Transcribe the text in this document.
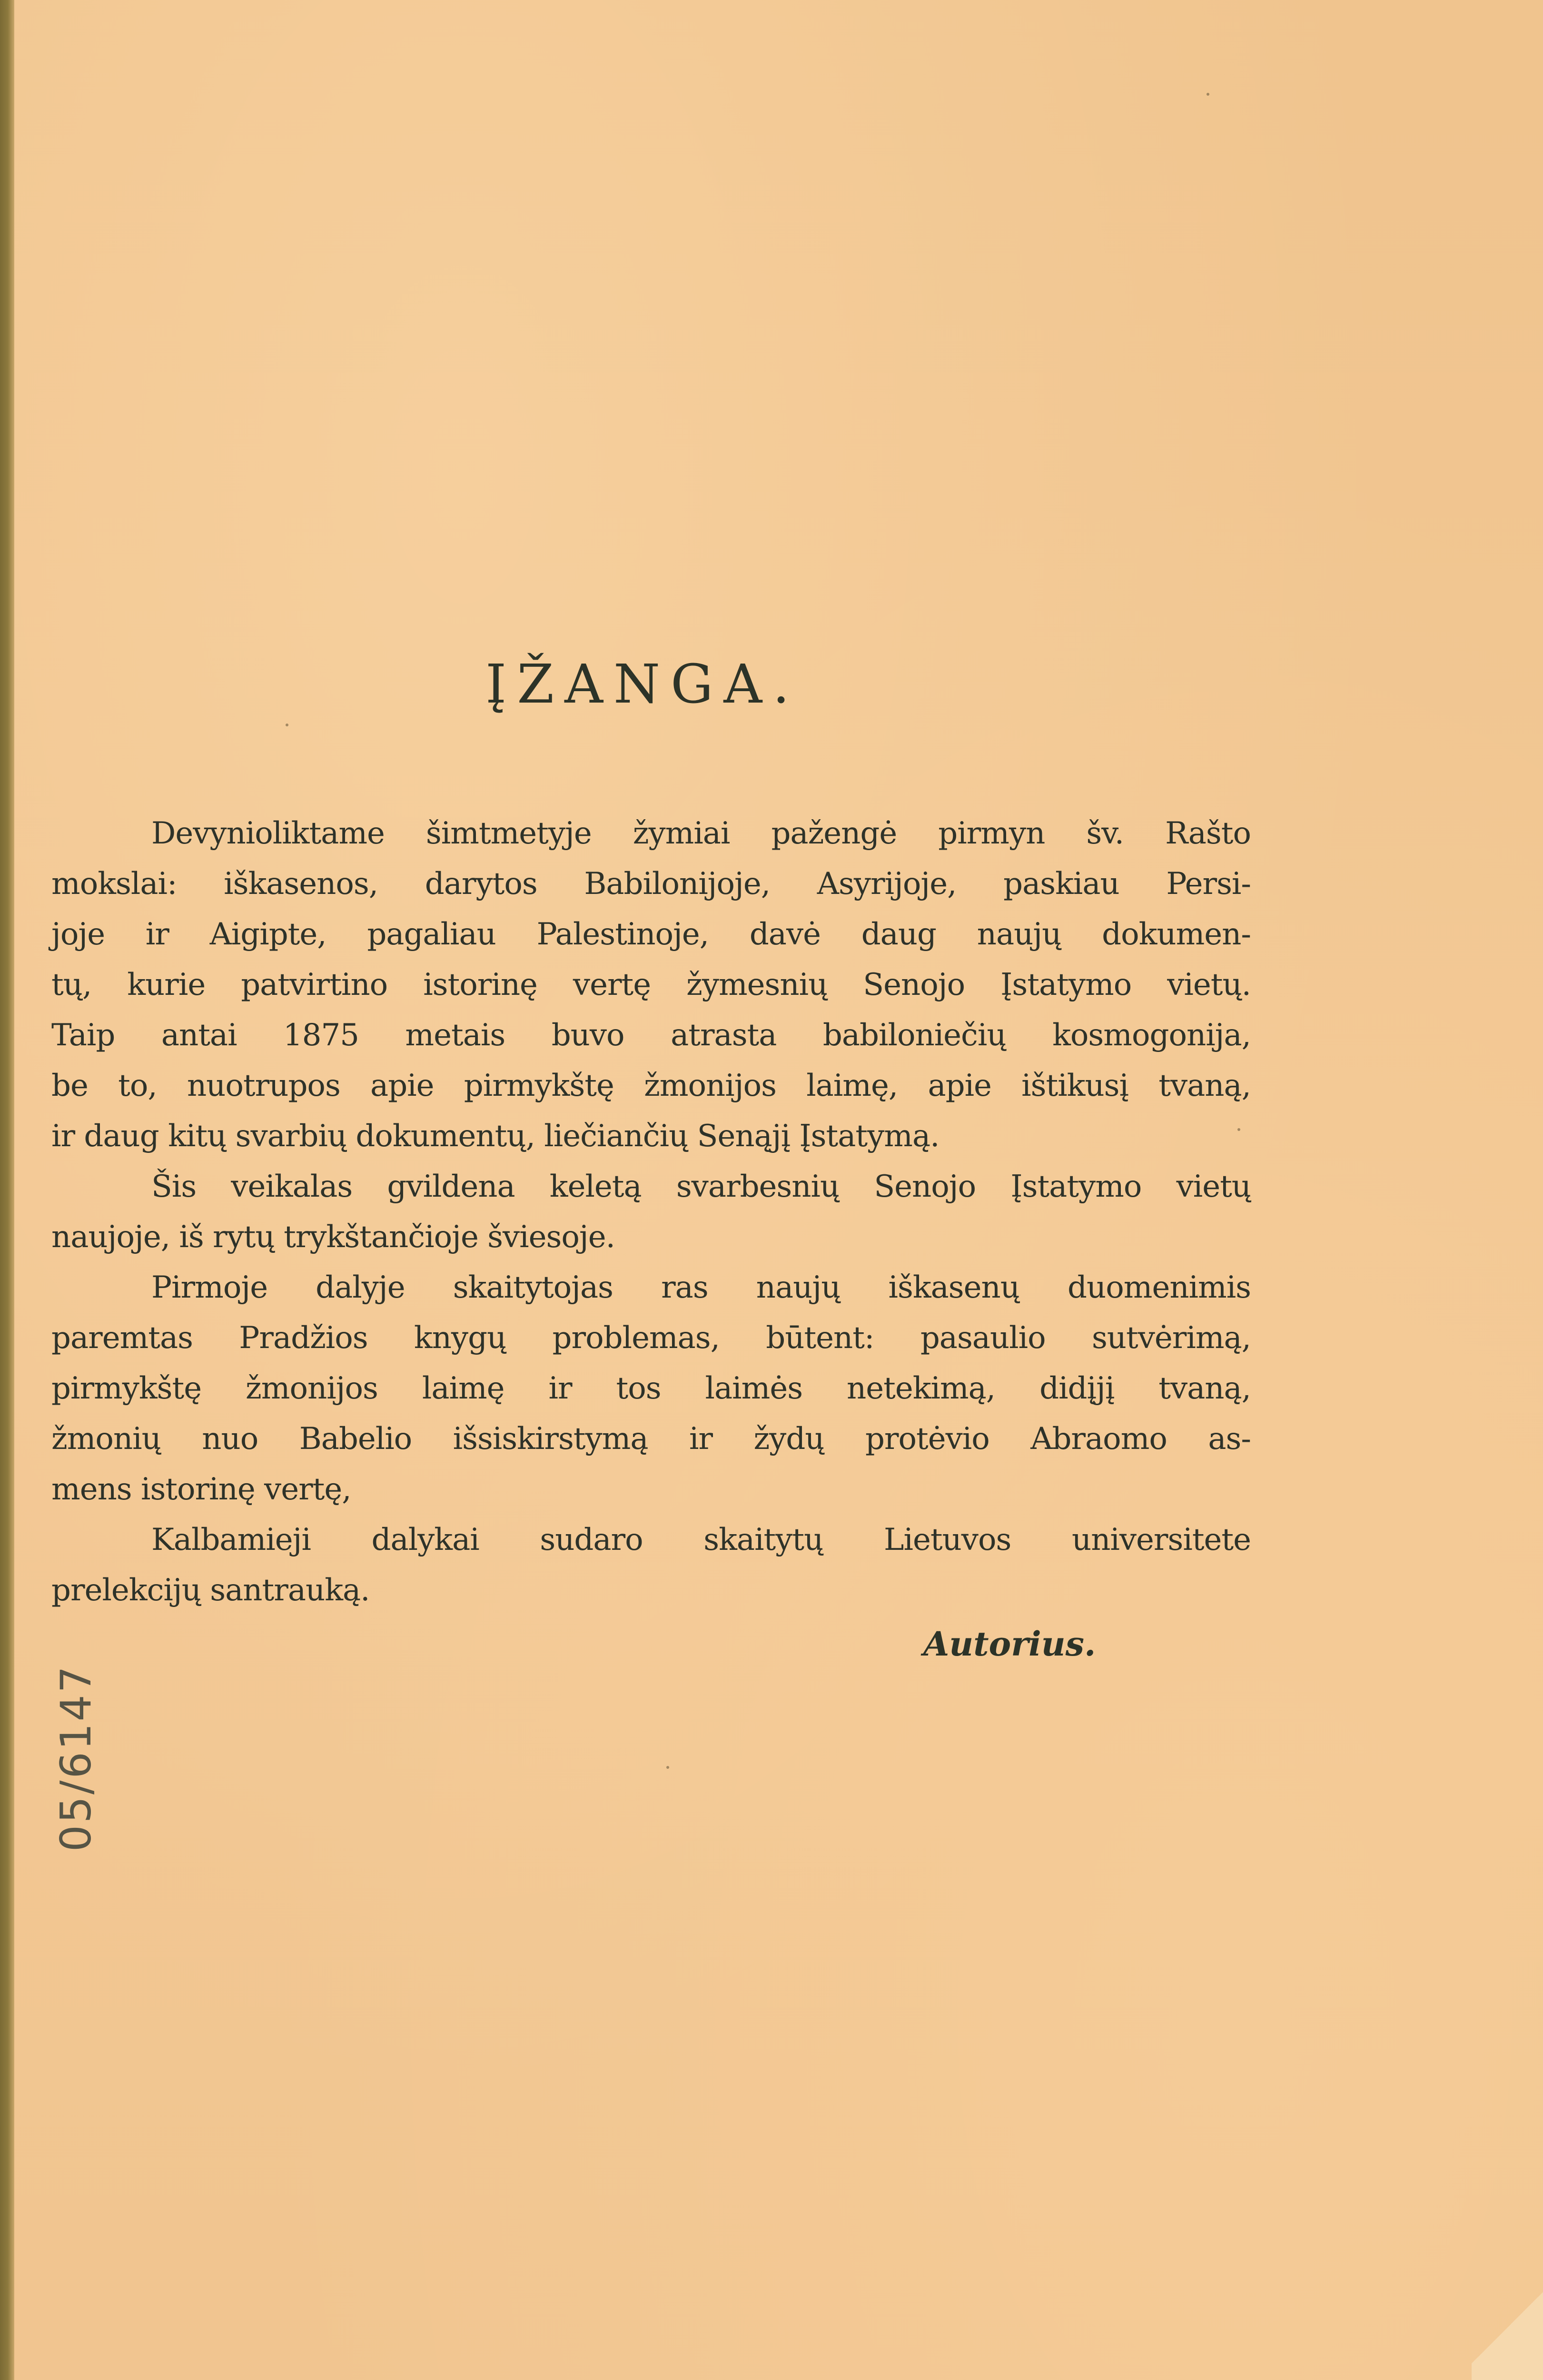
ĮŽANGA.
Devynioliktame šimtmetyje žymiai pažengė pirmyn šv. Rašto
mokslai: iškasenos, darytos Babilonijoje, Asyrijoje, paskiau Persi-
joje ir Aigipte, pagaliau Palestinoje, davė daug naujų dokumen-
tų, kurie patvirtino istorinę vertę žymesnių Senojo Įstatymo vietų.
Taip antai 1875 metais buvo atrasta babiloniečių kosmogonija,
be to, nuotrupos apie pirmykštę žmonijos laimę, apie ištikusį tvaną,
ir daug kitų svarbių dokumentų, liečiančių Senąjį Įstatymą.
Šis veikalas gvildena keletą svarbesnių Senojo Įstatymo vietų
naujoje, iš rytų trykštančioje šviesoje.
Pirmoje dalyje skaitytojas ras naujų iškasenų duomenimis
paremtas Pradžios knygų problemas, būtent: pasaulio sutvėrimą,
pirmykštę žmonijos laimę ir tos laimės netekimą, didįjį tvaną,
žmonių nuo Babelio išsiskirstymą ir žydų protėvio Abraomo as-
mens istorinę vertę,
Kalbamieji dalykai sudaro skaitytų Lietuvos universitete
prelekcijų santrauką.
Autorius.
05/6147
